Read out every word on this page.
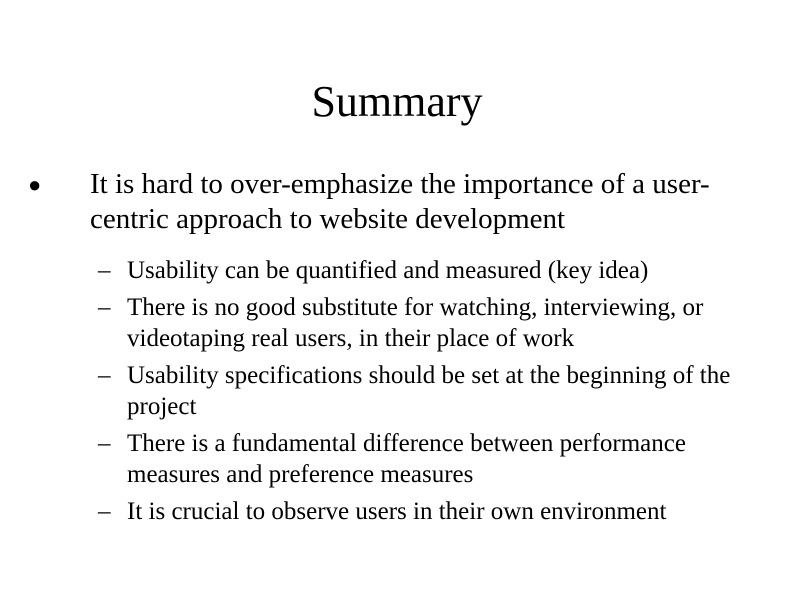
Summary
● It is hard to over-emphasize the importance of a user-centric approach to website development
– Usability can be quantified and measured (key idea)
– There is no good substitute for watching, interviewing, or videotaping real users, in their place of work
– Usability specifications should be set at the beginning of the project
– There is a fundamental difference between performance measures and preference measures
– It is crucial to observe users in their own environment
